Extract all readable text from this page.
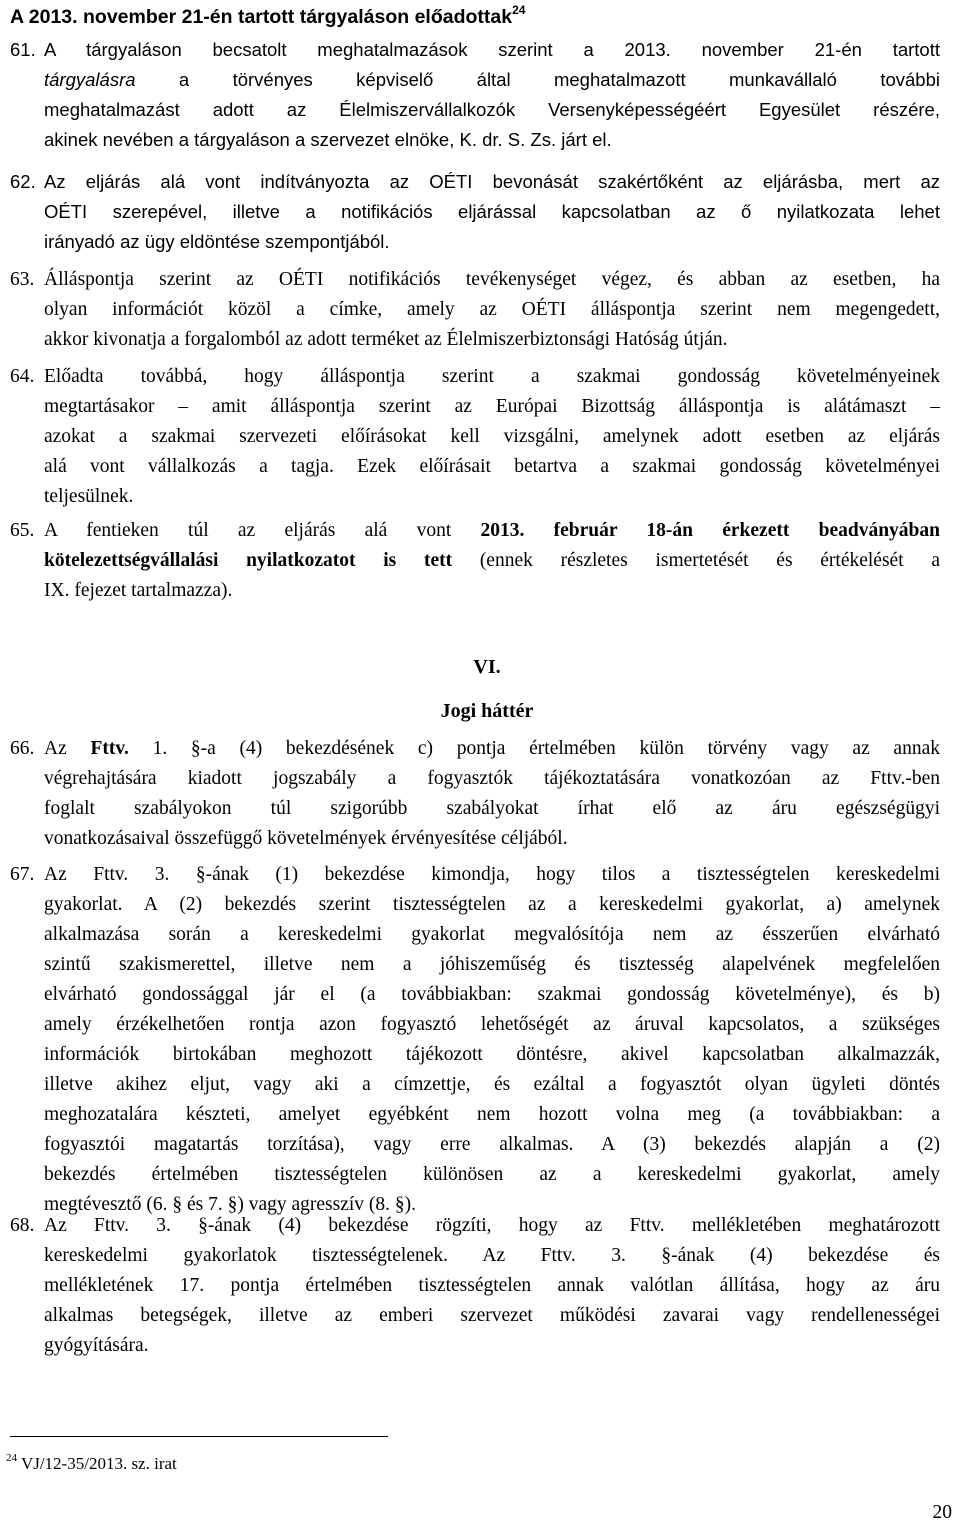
A 2013. november 21-én tartott tárgyaláson előadottak$^{24}$
61. A tárgyaláson becsatolt meghatalmazások szerint a 2013. november 21-én tartott
tárgyalásra a törvényes képviselő által meghatalmazott munkavállaló további
meghatalmazást adott az Élelmiszervállalkozók Versenyképességéért Egyesület részére,
akinek nevében a tárgyaláson a szervezet elnöke, K. dr. S. Zs. járt el.
62. Az eljárás alá vont indítványozta az OÉTI bevonását szakértőként az eljárásba, mert az
OÉTI szerepével, illetve a notifikációs eljárással kapcsolatban az ő nyilatkozata lehet
irányadó az ügy eldöntése szempontjából.
63. Álláspontja szerint az OÉTI notifikációs tevékenységet végez, és abban az esetben, ha
olyan információt közöl a címke, amely az OÉTI álláspontja szerint nem megengedett,
akkor kivonatja a forgalomból az adott terméket az Élelmiszerbiztonsági Hatóság útján.
64. Előadta továbbá, hogy álláspontja szerint a szakmai gondosság követelményeinek
megtartásakor – amit álláspontja szerint az Európai Bizottság álláspontja is alátámaszt –
azokat a szakmai szervezeti előírásokat kell vizsgálni, amelynek adott esetben az eljárás
alá vont vállalkozás a tagja. Ezek előírásait betartva a szakmai gondosság követelményei
teljesülnek.
65. A fentieken túl az eljárás alá vont 2013. február 18-án érkezett beadványában
kötelezettségvállalási nyilatkozatot is tett (ennek részletes ismertetését és értékelését a
IX. fejezet tartalmazza).
VI.
Jogi háttér
66. Az Fttv. 1. §-a (4) bekezdésének c) pontja értelmében külön törvény vagy az annak
végrehajtására kiadott jogszabály a fogyasztók tájékoztatására vonatkozóan az Fttv.-ben
foglalt szabályokon túl szigorúbb szabályokat írhat elő az áru egészségügyi
vonatkozásaival összefüggő követelmények érvényesítése céljából.
67. Az Fttv. 3. §-ának (1) bekezdése kimondja, hogy tilos a tisztességtelen kereskedelmi
gyakorlat. A (2) bekezdés szerint tisztességtelen az a kereskedelmi gyakorlat, a) amelynek
alkalmazása során a kereskedelmi gyakorlat megvalósítója nem az ésszerűen elvárható
szintű szakismerettel, illetve nem a jóhiszeműség és tisztesség alapelvének megfelelően
elvárható gondossággal jár el (a továbbiakban: szakmai gondosság követelménye), és b)
amely érzékelhetően rontja azon fogyasztó lehetőségét az áruval kapcsolatos, a szükséges
információk birtokában meghozott tájékozott döntésre, akivel kapcsolatban alkalmazzák,
illetve akihez eljut, vagy aki a címzettje, és ezáltal a fogyasztót olyan ügyleti döntés
meghozatalára készteti, amelyet egyébként nem hozott volna meg (a továbbiakban: a
fogyasztói magatartás torzítása), vagy erre alkalmas. A (3) bekezdés alapján a (2)
bekezdés értelmében tisztességtelen különösen az a kereskedelmi gyakorlat, amely
megtévesztő (6. § és 7. §) vagy agresszív (8. §).
68. Az Fttv. 3. §-ának (4) bekezdése rögzíti, hogy az Fttv. mellékletében meghatározott
kereskedelmi gyakorlatok tisztességtelenek. Az Fttv. 3. §-ának (4) bekezdése és
mellékletének 17. pontja értelmében tisztességtelen annak valótlan állítása, hogy az áru
alkalmas betegségek, illetve az emberi szervezet működési zavarai vagy rendellenességei
gyógyítására.
$^{24}$ VJ/12-35/2013. sz. irat
20
